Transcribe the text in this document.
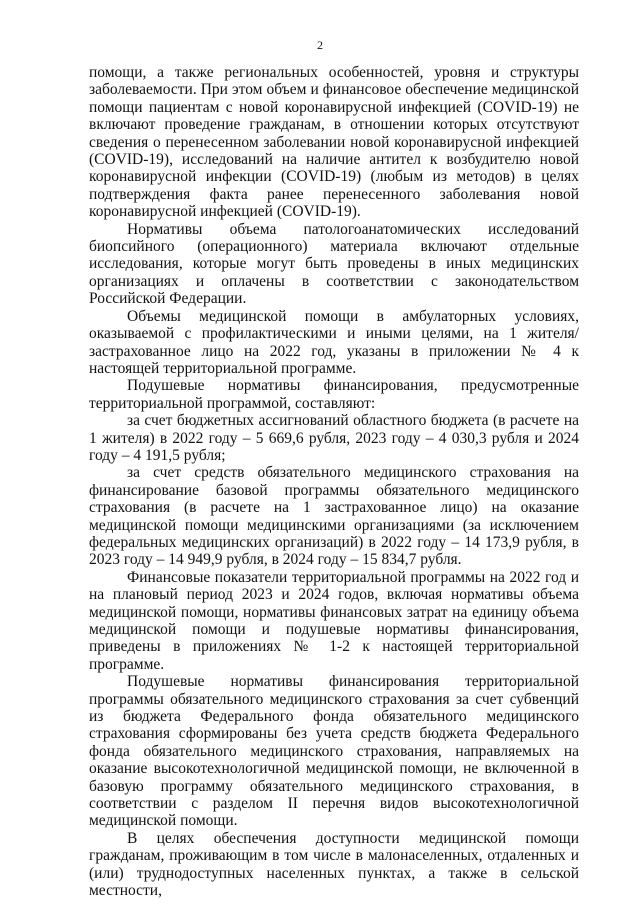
2

помощи, а также региональных особенностей, уровня и структуры заболеваемости. При этом объем и финансовое обеспечение медицинской помощи пациентам с новой коронавирусной инфекцией (COVID-19) не включают проведение гражданам, в отношении которых отсутствуют сведения о перенесенном заболевании новой коронавирусной инфекцией (COVID-19), исследований на наличие антител к возбудителю новой коронавирусной инфекции (COVID-19) (любым из методов) в целях подтверждения факта ранее перенесенного заболевания новой коронавирусной инфекцией (COVID-19).

Нормативы объема патологоанатомических исследований биопсийного (операционного) материала включают отдельные исследования, которые могут быть проведены в иных медицинских организациях и оплачены в соответствии с законодательством Российской Федерации.

Объемы медицинской помощи в амбулаторных условиях, оказываемой с профилактическими и иными целями, на 1 жителя/застрахованное лицо на 2022 год, указаны в приложении № 4 к настоящей территориальной программе.

Подушевые нормативы финансирования, предусмотренные территориальной программой, составляют:

за счет бюджетных ассигнований областного бюджета (в расчете на 1 жителя) в 2022 году – 5 669,6 рубля, 2023 году – 4 030,3 рубля и 2024 году – 4 191,5 рубля;

за счет средств обязательного медицинского страхования на финансирование базовой программы обязательного медицинского страхования (в расчете на 1 застрахованное лицо) на оказание медицинской помощи медицинскими организациями (за исключением федеральных медицинских организаций) в 2022 году – 14 173,9 рубля, в 2023 году – 14 949,9 рубля, в 2024 году – 15 834,7 рубля.

Финансовые показатели территориальной программы на 2022 год и на плановый период 2023 и 2024 годов, включая нормативы объема медицинской помощи, нормативы финансовых затрат на единицу объема медицинской помощи и подушевые нормативы финансирования, приведены в приложениях № 1-2 к настоящей территориальной программе.

Подушевые нормативы финансирования территориальной программы обязательного медицинского страхования за счет субвенций из бюджета Федерального фонда обязательного медицинского страхования сформированы без учета средств бюджета Федерального фонда обязательного медицинского страхования, направляемых на оказание высокотехнологичной медицинской помощи, не включенной в базовую программу обязательного медицинского страхования, в соответствии с разделом II перечня видов высокотехнологичной медицинской помощи.

В целях обеспечения доступности медицинской помощи гражданам, проживающим в том числе в малонаселенных, отдаленных и (или) труднодоступных населенных пунктах, а также в сельской местности,
